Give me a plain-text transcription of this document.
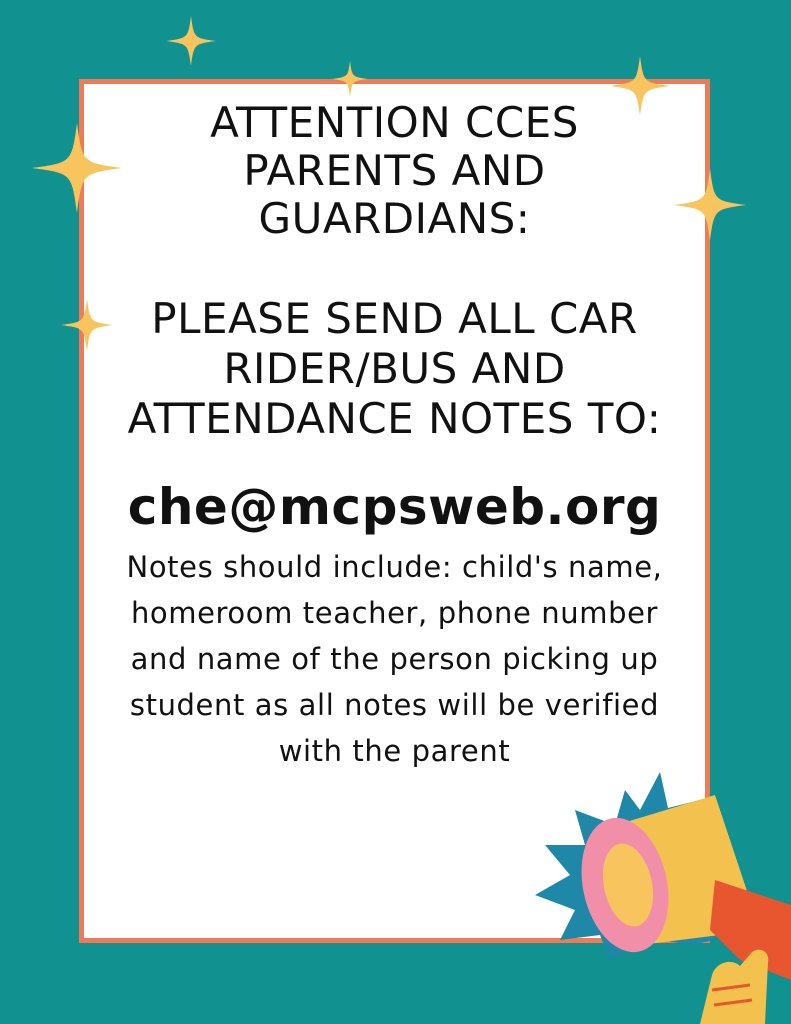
ATTENTION CCES
PARENTS AND
GUARDIANS:
PLEASE SEND ALL CAR
RIDER/BUS AND
ATTENDANCE NOTES TO:
che@mcpsweb.org
Notes should include: child's name,
homeroom teacher, phone number
and name of the person picking up
student as all notes will be verified
with the parent
